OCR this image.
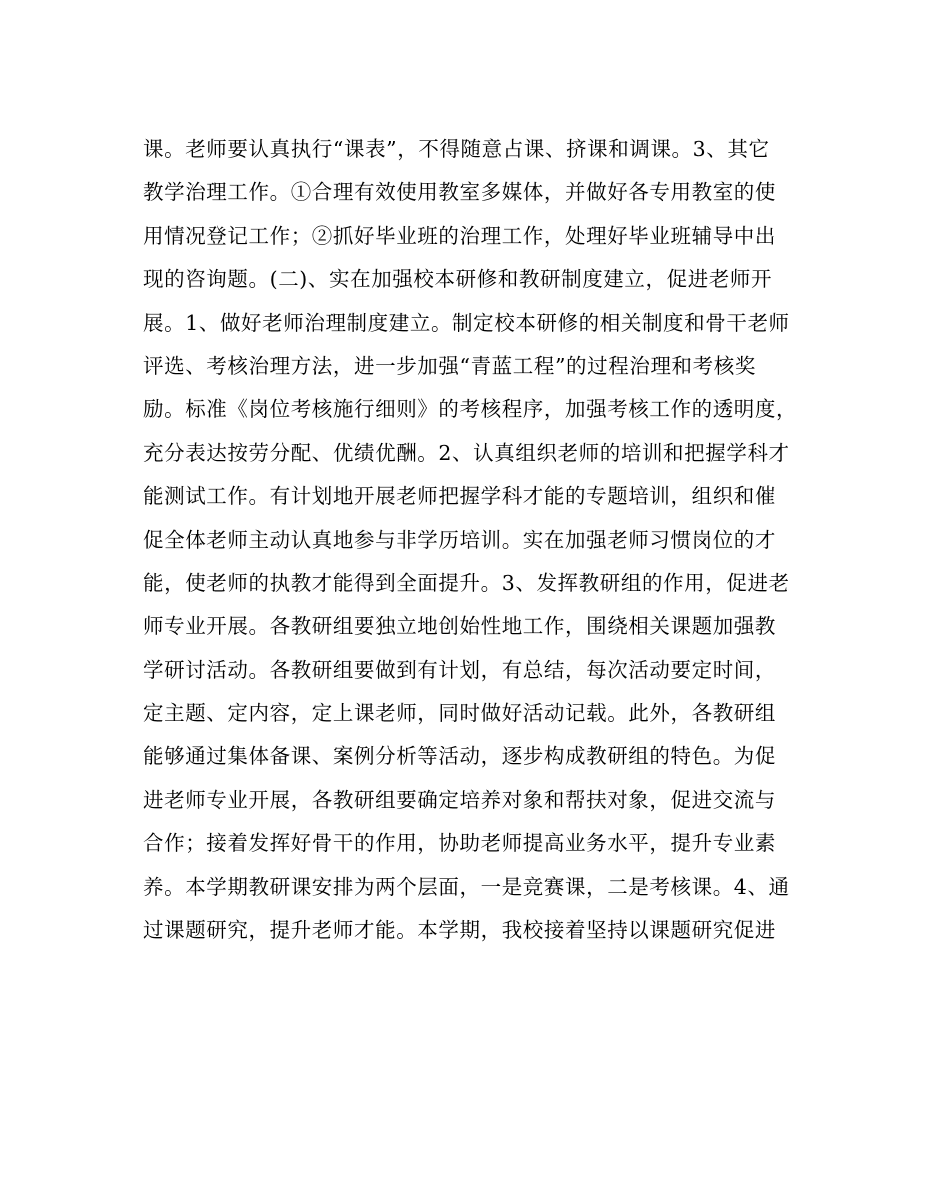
课。老师要认真执行“课表”，不得随意占课、挤课和调课。3、其它
教学治理工作。①合理有效使用教室多媒体，并做好各专用教室的使
用情况登记工作；②抓好毕业班的治理工作，处理好毕业班辅导中出
现的咨询题。(二)、实在加强校本研修和教研制度建立，促进老师开
展。1、做好老师治理制度建立。制定校本研修的相关制度和骨干老师
评选、考核治理方法，进一步加强“青蓝工程”的过程治理和考核奖
励。标准《岗位考核施行细则》的考核程序，加强考核工作的透明度，
充分表达按劳分配、优绩优酬。2、认真组织老师的培训和把握学科才
能测试工作。有计划地开展老师把握学科才能的专题培训，组织和催
促全体老师主动认真地参与非学历培训。实在加强老师习惯岗位的才
能，使老师的执教才能得到全面提升。3、发挥教研组的作用，促进老
师专业开展。各教研组要独立地创始性地工作，围绕相关课题加强教
学研讨活动。各教研组要做到有计划，有总结，每次活动要定时间，
定主题、定内容，定上课老师，同时做好活动记载。此外，各教研组
能够通过集体备课、案例分析等活动，逐步构成教研组的特色。为促
进老师专业开展，各教研组要确定培养对象和帮扶对象，促进交流与
合作；接着发挥好骨干的作用，协助老师提高业务水平，提升专业素
养。本学期教研课安排为两个层面，一是竞赛课，二是考核课。4、通
过课题研究，提升老师才能。本学期，我校接着坚持以课题研究促进
